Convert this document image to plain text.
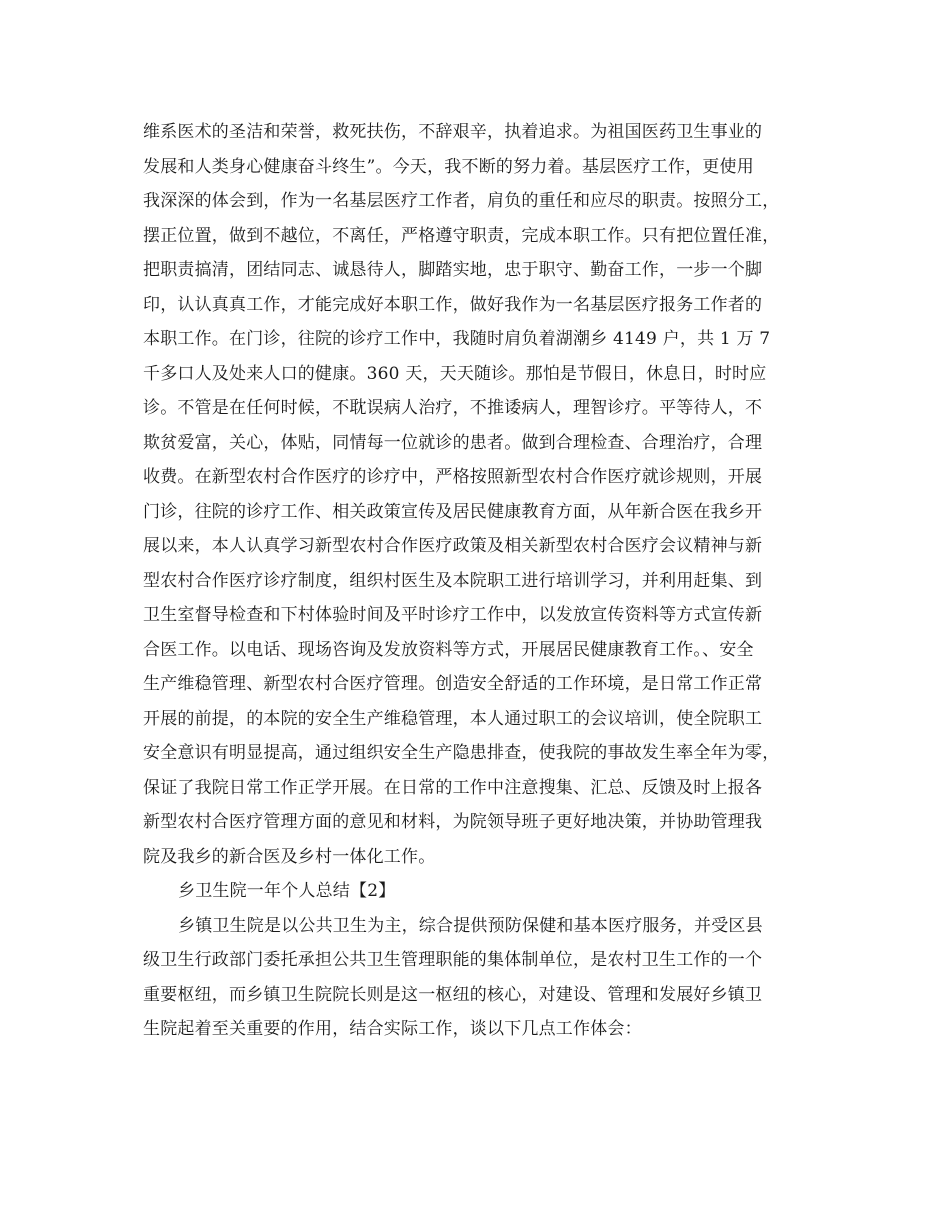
维系医术的圣洁和荣誉，救死扶伤，不辞艰辛，执着追求。为祖国医药卫生事业的
发展和人类身心健康奋斗终生”。今天，我不断的努力着。基层医疗工作，更使用
我深深的体会到，作为一名基层医疗工作者，肩负的重任和应尽的职责。按照分工，
摆正位置，做到不越位，不离任，严格遵守职责，完成本职工作。只有把位置任准，
把职责搞清，团结同志、诚恳待人，脚踏实地，忠于职守、勤奋工作，一步一个脚
印，认认真真工作，才能完成好本职工作，做好我作为一名基层医疗报务工作者的
本职工作。在门诊，往院的诊疗工作中，我随时肩负着湖潮乡 4149 户，共 1 万 7
千多口人及处来人口的健康。360 天，天天随诊。那怕是节假日，休息日，时时应
诊。不管是在任何时候，不耽误病人治疗，不推诿病人，理智诊疗。平等待人，不
欺贫爱富，关心，体贴，同情每一位就诊的患者。做到合理检查、合理治疗，合理
收费。在新型农村合作医疗的诊疗中，严格按照新型农村合作医疗就诊规则，开展
门诊，往院的诊疗工作、相关政策宣传及居民健康教育方面，从年新合医在我乡开
展以来，本人认真学习新型农村合作医疗政策及相关新型农村合医疗会议精神与新
型农村合作医疗诊疗制度，组织村医生及本院职工进行培训学习，并利用赶集、到
卫生室督导检查和下村体验时间及平时诊疗工作中，以发放宣传资料等方式宣传新
合医工作。以电话、现场咨询及发放资料等方式，开展居民健康教育工作。、安全
生产维稳管理、新型农村合医疗管理。创造安全舒适的工作环境，是日常工作正常
开展的前提，的本院的安全生产维稳管理，本人通过职工的会议培训，使全院职工
安全意识有明显提高，通过组织安全生产隐患排查，使我院的事故发生率全年为零，
保证了我院日常工作正学开展。在日常的工作中注意搜集、汇总、反馈及时上报各
新型农村合医疗管理方面的意见和材料，为院领导班子更好地决策，并协助管理我
院及我乡的新合医及乡村一体化工作。
乡卫生院一年个人总结【2】
乡镇卫生院是以公共卫生为主，综合提供预防保健和基本医疗服务，并受区县
级卫生行政部门委托承担公共卫生管理职能的集体制单位，是农村卫生工作的一个
重要枢纽，而乡镇卫生院院长则是这一枢纽的核心，对建设、管理和发展好乡镇卫
生院起着至关重要的作用，结合实际工作，谈以下几点工作体会：
